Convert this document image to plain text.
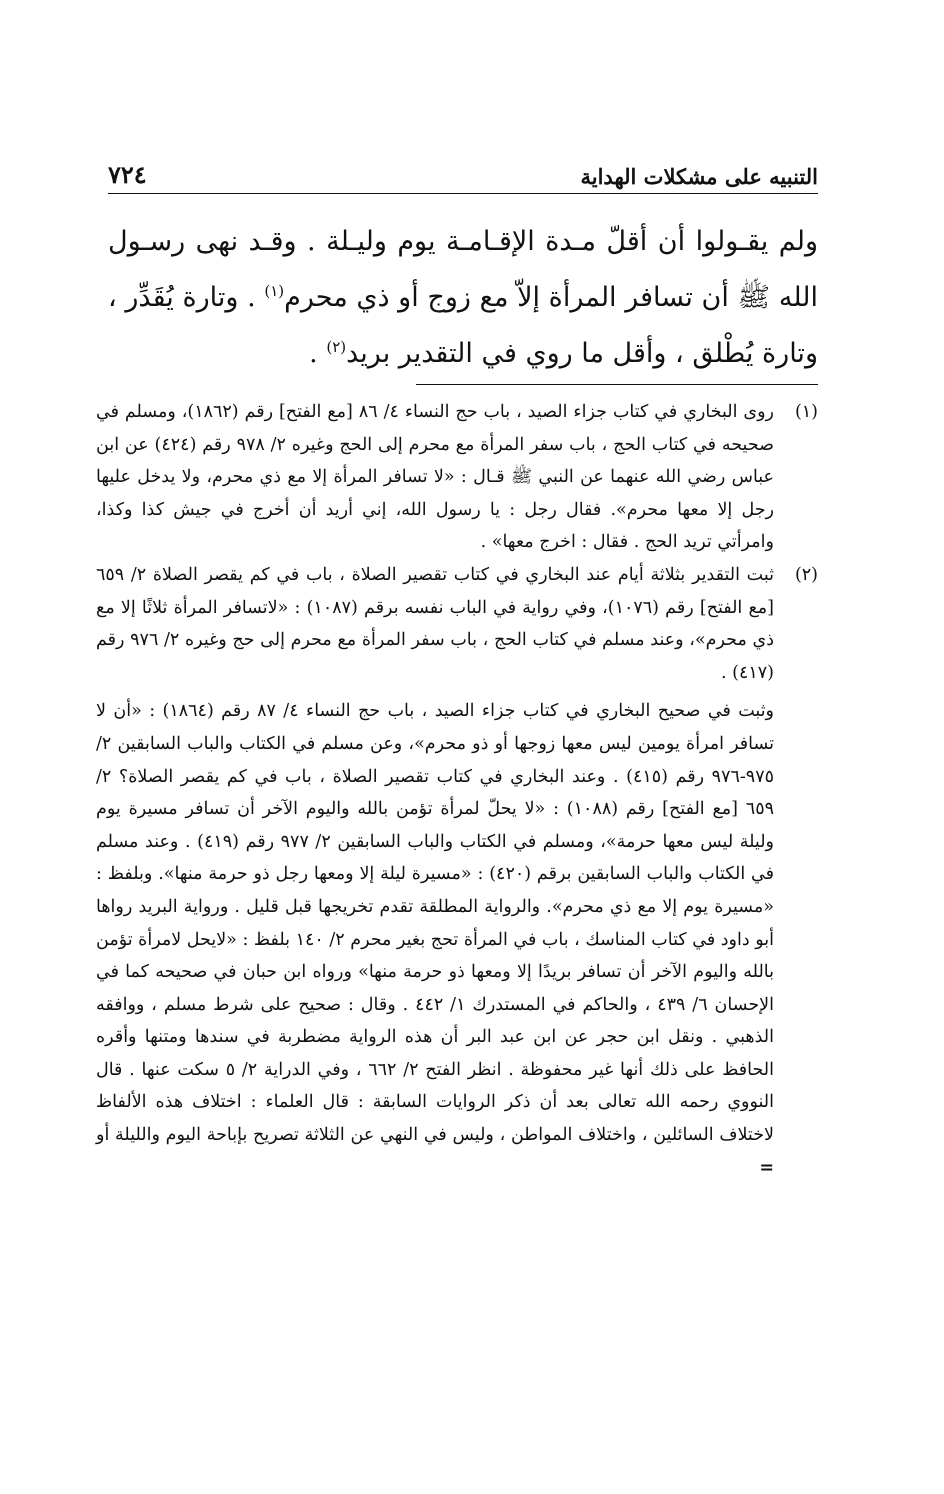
التنبيه على مشكلات الهداية
٧٢٤

ولم يقـولوا أن أقلّ مـدة الإقـامـة يوم وليـلة . وقـد نهى رسـول الله ﷺ أن تسافر المرأة إلاّ مع زوج أو ذي محرم$^{(١)}$ . وتارة يُقَدِّر ، وتارة يُطْلق ، وأقل ما روي في التقدير بريد$^{(٢)}$ .

(١)
روى البخاري في كتاب جزاء الصيد ، باب حج النساء ٤/ ٨٦ [مع الفتح] رقم (١٨٦٢)، ومسلم في صحيحه في كتاب الحج ، باب سفر المرأة مع محرم إلى الحج وغيره ٢/ ٩٧٨ رقم (٤٢٤) عن ابن عباس رضي الله عنهما عن النبي ﷺ قـال : «لا تسافر المرأة إلا مع ذي محرم، ولا يدخل عليها رجل إلا معها محرم». فقال رجل : يا رسول الله، إني أريد أن أخرج في جيش كذا وكذا، وامرأتي تريد الحج . فقال : اخرج معها» .
(٢)
ثبت التقدير بثلاثة أيام عند البخاري في كتاب تقصير الصلاة ، باب في كم يقصر الصلاة ٢/ ٦٥٩ [مع الفتح] رقم (١٠٧٦)، وفي رواية في الباب نفسه برقم (١٠٨٧) : «لاتسافر المرأة ثلاثًا إلا مع ذي محرم»، وعند مسلم في كتاب الحج ، باب سفر المرأة مع محرم إلى حج وغيره ٢/ ٩٧٦ رقم (٤١٧) .
وثبت في صحيح البخاري في كتاب جزاء الصيد ، باب حج النساء ٤/ ٨٧ رقم (١٨٦٤) : «أن لا تسافر امرأة يومين ليس معها زوجها أو ذو محرم»، وعن مسلم في الكتاب والباب السابقين ٢/ ٩٧٥-٩٧٦ رقم (٤١٥) . وعند البخاري في كتاب تقصير الصلاة ، باب في كم يقصر الصلاة؟ ٢/ ٦٥٩ [مع الفتح] رقم (١٠٨٨) : «لا يحلّ لمرأة تؤمن بالله واليوم الآخر أن تسافر مسيرة يوم وليلة ليس معها حرمة»، ومسلم في الكتاب والباب السابقين ٢/ ٩٧٧ رقم (٤١٩) . وعند مسلم في الكتاب والباب السابقين برقم (٤٢٠) : «مسيرة ليلة إلا ومعها رجل ذو حرمة منها». وبلفظ : «مسيرة يوم إلا مع ذي محرم». والرواية المطلقة تقدم تخريجها قبل قليل . ورواية البريد رواها أبو داود في كتاب المناسك ، باب في المرأة تحج بغير محرم ٢/ ١٤٠ بلفظ : «لايحل لامرأة تؤمن بالله واليوم الآخر أن تسافر بريدًا إلا ومعها ذو حرمة منها» ورواه ابن حبان في صحيحه كما في الإحسان ٦/ ٤٣٩ ، والحاكم في المستدرك ١/ ٤٤٢ . وقال : صحيح على شرط مسلم ، ووافقه الذهبي . ونقل ابن حجر عن ابن عبد البر أن هذه الرواية مضطربة في سندها ومتنها وأقره الحافظ على ذلك أنها غير محفوظة . انظر الفتح ٢/ ٦٦٢ ، وفي الدراية ٢/ ٥ سكت عنها . قال النووي رحمه الله تعالى بعد أن ذكر الروايات السابقة : قال العلماء : اختلاف هذه الألفاظ لاختلاف السائلين ، واختلاف المواطن ، وليس في النهي عن الثلاثة تصريح بإباحة اليوم والليلة أو =
